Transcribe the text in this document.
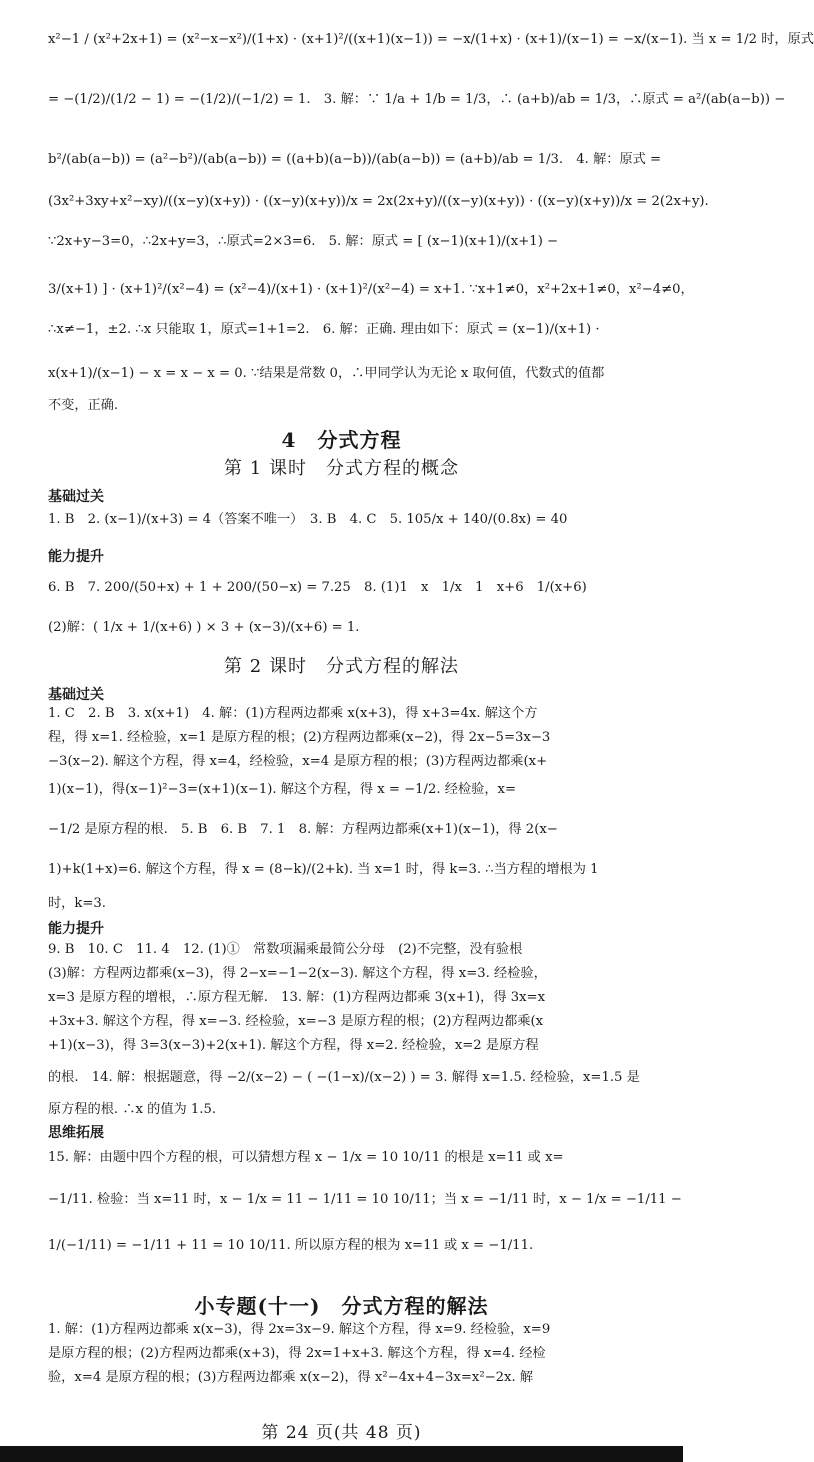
x²−1 / (x²+2x+1) = (x²−x−x²)/(1+x) · (x+1)²/((x+1)(x−1)) = −x/(1+x) · (x+1)/(x−1) = −x/(x−1). 当 x = 1/2 时，原式
= −(1/2)/(1/2 − 1) = −(1/2)/(−1/2) = 1.　3. 解：∵ 1/a + 1/b = 1/3，∴ (a+b)/ab = 1/3，∴原式 = a²/(ab(a−b)) −
b²/(ab(a−b)) = (a²−b²)/(ab(a−b)) = ((a+b)(a−b))/(ab(a−b)) = (a+b)/ab = 1/3.　4. 解：原式 =
(3x²+3xy+x²−xy)/((x−y)(x+y)) · ((x−y)(x+y))/x = 2x(2x+y)/((x−y)(x+y)) · ((x−y)(x+y))/x = 2(2x+y).
∵2x+y−3=0，∴2x+y=3，∴原式=2×3=6.　5. 解：原式 = [ (x−1)(x+1)/(x+1) −
3/(x+1) ] · (x+1)²/(x²−4) = (x²−4)/(x+1) · (x+1)²/(x²−4) = x+1. ∵x+1≠0，x²+2x+1≠0，x²−4≠0，
∴x≠−1，±2. ∴x 只能取 1，原式=1+1=2.　6. 解：正确. 理由如下：原式 = (x−1)/(x+1) ·
x(x+1)/(x−1) − x = x − x = 0. ∵结果是常数 0，∴甲同学认为无论 x 取何值，代数式的值都
不变，正确.
4　分式方程
第 1 课时　分式方程的概念
基础过关
1. B　2. (x−1)/(x+3) = 4（答案不唯一）　3. B　4. C　5. 105/x + 140/(0.8x) = 40
能力提升
6. B　7. 200/(50+x) + 1 + 200/(50−x) = 7.25　8. (1)1　x　1/x　1　x+6　1/(x+6)
(2)解：( 1/x + 1/(x+6) ) × 3 + (x−3)/(x+6) = 1.
第 2 课时　分式方程的解法
基础过关
1. C　2. B　3. x(x+1)　4. 解：(1)方程两边都乘 x(x+3)，得 x+3=4x. 解这个方
程，得 x=1. 经检验，x=1 是原方程的根；(2)方程两边都乘(x−2)，得 2x−5=3x−3
−3(x−2). 解这个方程，得 x=4，经检验，x=4 是原方程的根；(3)方程两边都乘(x+
1)(x−1)，得(x−1)²−3=(x+1)(x−1). 解这个方程，得 x = −1/2. 经检验，x=
−1/2 是原方程的根.　5. B　6. B　7. 1　8. 解：方程两边都乘(x+1)(x−1)，得 2(x−
1)+k(1+x)=6. 解这个方程，得 x = (8−k)/(2+k). 当 x=1 时，得 k=3. ∴当方程的增根为 1
时，k=3.
能力提升
9. B　10. C　11. 4　12. (1)①　常数项漏乘最简公分母　(2)不完整，没有验根
(3)解：方程两边都乘(x−3)，得 2−x=−1−2(x−3). 解这个方程，得 x=3. 经检验，
x=3 是原方程的增根，∴原方程无解.　13. 解：(1)方程两边都乘 3(x+1)，得 3x=x
+3x+3. 解这个方程，得 x=−3. 经检验，x=−3 是原方程的根；(2)方程两边都乘(x
+1)(x−3)，得 3=3(x−3)+2(x+1). 解这个方程，得 x=2. 经检验，x=2 是原方程
的根.　14. 解：根据题意，得 −2/(x−2) − ( −(1−x)/(x−2) ) = 3. 解得 x=1.5. 经检验，x=1.5 是
原方程的根. ∴x 的值为 1.5.
思维拓展
15. 解：由题中四个方程的根，可以猜想方程 x − 1/x = 10 10/11 的根是 x=11 或 x=
−1/11. 检验：当 x=11 时，x − 1/x = 11 − 1/11 = 10 10/11；当 x = −1/11 时，x − 1/x = −1/11 −
1/(−1/11) = −1/11 + 11 = 10 10/11. 所以原方程的根为 x=11 或 x = −1/11.
小专题(十一)　分式方程的解法
1. 解：(1)方程两边都乘 x(x−3)，得 2x=3x−9. 解这个方程，得 x=9. 经检验，x=9
是原方程的根；(2)方程两边都乘(x+3)，得 2x=1+x+3. 解这个方程，得 x=4. 经检
验，x=4 是原方程的根；(3)方程两边都乘 x(x−2)，得 x²−4x+4−3x=x²−2x. 解
第 24 页(共 48 页)
